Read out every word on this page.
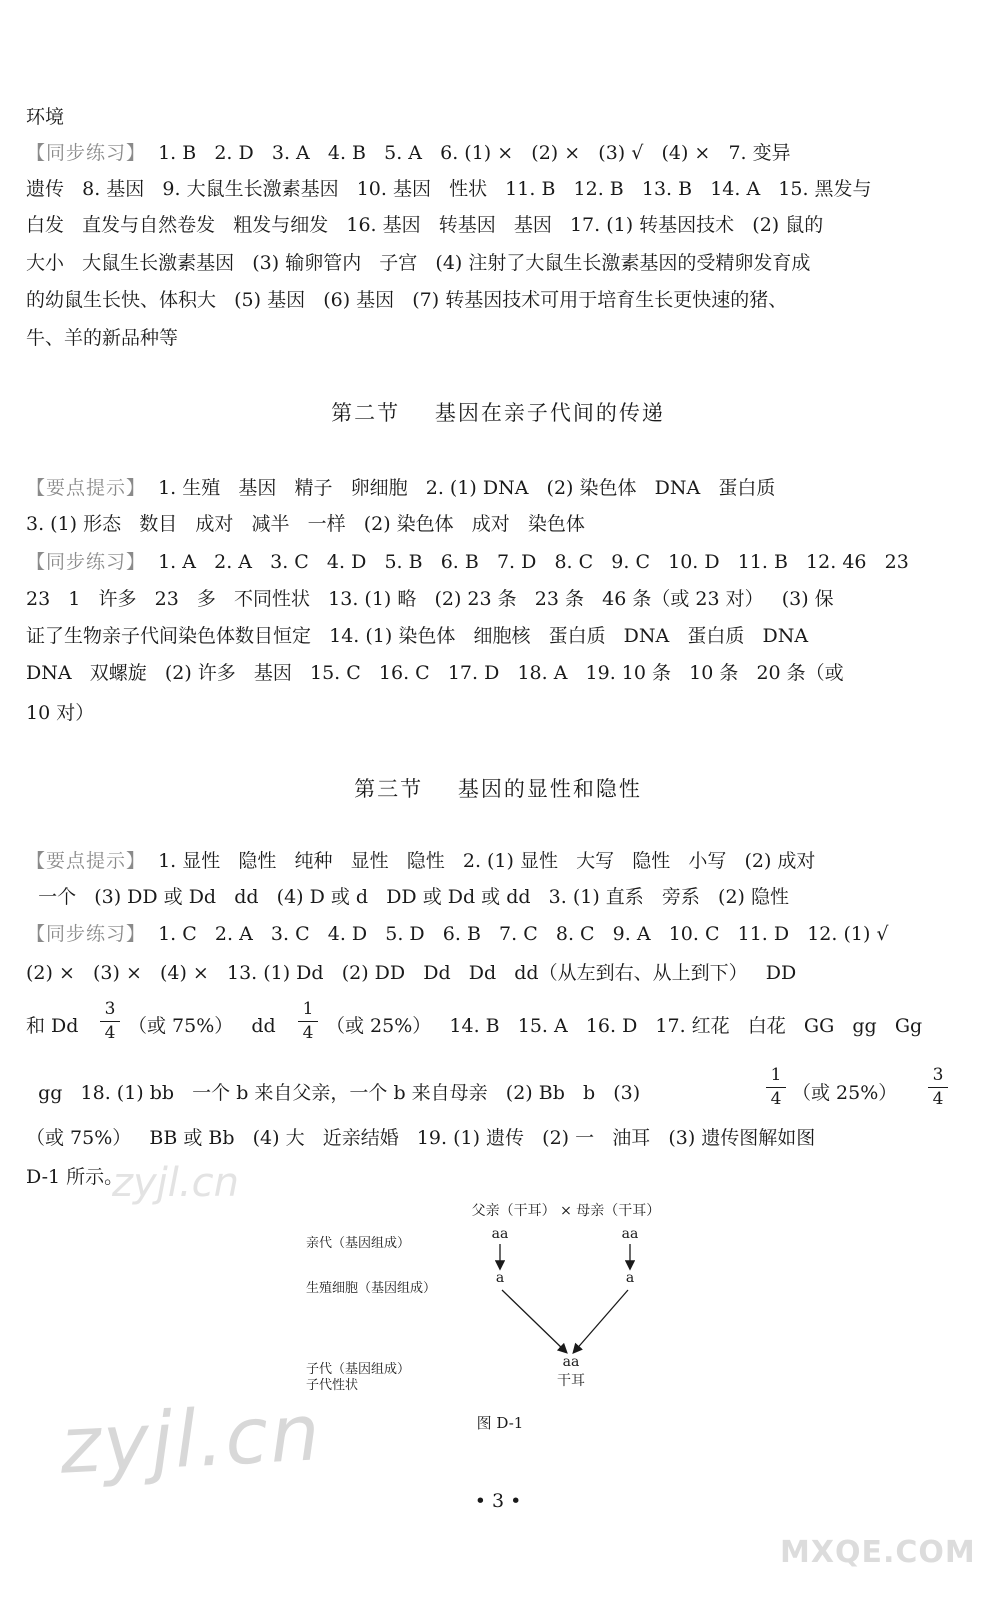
环境
【同步练习】  1. B   2. D   3. A   4. B   5. A   6. (1) ×   (2) ×   (3) √   (4) ×   7. 变异
遗传   8. 基因   9. 大鼠生长激素基因   10. 基因   性状   11. B   12. B   13. B   14. A   15. 黑发与
白发   直发与自然卷发   粗发与细发   16. 基因   转基因   基因   17. (1) 转基因技术   (2) 鼠的
大小   大鼠生长激素基因   (3) 输卵管内   子宫   (4) 注射了大鼠生长激素基因的受精卵发育成
的幼鼠生长快、体积大   (5) 基因   (6) 基因   (7) 转基因技术可用于培育生长更快速的猪、
牛、羊的新品种等
第二节    基因在亲子代间的传递
【要点提示】  1. 生殖   基因   精子   卵细胞   2. (1) DNA   (2) 染色体   DNA   蛋白质
3. (1) 形态   数目   成对   减半   一样   (2) 染色体   成对   染色体
【同步练习】  1. A   2. A   3. C   4. D   5. B   6. B   7. D   8. C   9. C   10. D   11. B   12. 46   23
23   1   许多   23   多   不同性状   13. (1) 略   (2) 23 条   23 条   46 条（或 23 对）   (3) 保
证了生物亲子代间染色体数目恒定   14. (1) 染色体   细胞核   蛋白质   DNA   蛋白质   DNA
DNA   双螺旋   (2) 许多   基因   15. C   16. C   17. D   18. A   19. 10 条   10 条   20 条（或
10 对）
第三节    基因的显性和隐性
【要点提示】  1. 显性   隐性   纯种   显性   隐性   2. (1) 显性   大写   隐性   小写   (2) 成对
一个   (3) DD 或 Dd   dd   (4) D 或 d   DD 或 Dd 或 dd   3. (1) 直系   旁系   (2) 隐性
【同步练习】  1. C   2. A   3. C   4. D   5. D   6. B   7. C   8. C   9. A   10. C   11. D   12. (1) √
(2) ×   (3) ×   (4) ×   13. (1) Dd   (2) DD   Dd   Dd   dd（从左到右、从上到下）   DD
和 Dd
3
4 （或 75%）   dd
1
4 （或 25%）   14. B   15. A   16. D   17. 红花   白花   GG   gg   Gg
gg   18. (1) bb   一个 b 来自父亲，一个 b 来自母亲   (2) Bb   b   (3)
1
4 （或 25%）
3
4
（或 75%）   BB 或 Bb   (4) 大   近亲结婚   19. (1) 遗传   (2) 一   油耳   (3) 遗传图解如图
D-1 所示。
父亲（干耳） × 母亲（干耳）
亲代（基因组成）
生殖细胞（基因组成）
子代（基因组成）
子代性状
aa	aa
a	a
aa
干耳
图 D-1
• 3 •
zyjl.cn
zyjl.cn
MXQE.COM
